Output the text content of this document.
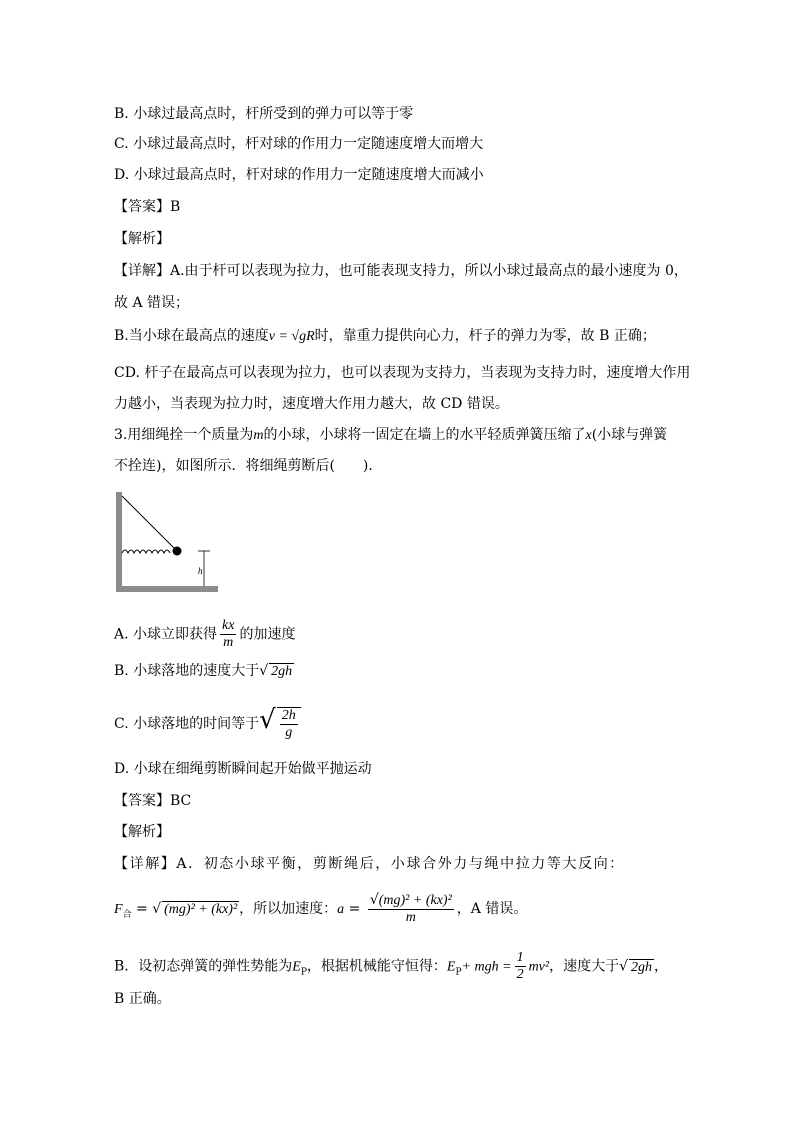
B. 小球过最高点时，杆所受到的弹力可以等于零
C. 小球过最高点时，杆对球的作用力一定随速度增大而增大
D. 小球过最高点时，杆对球的作用力一定随速度增大而减小
【答案】B
【解析】
【详解】A.由于杆可以表现为拉力，也可能表现支持力，所以小球过最高点的最小速度为 0，
故 A 错误；
B.当小球在最高点的速度v = √gR时，靠重力提供向心力，杆子的弹力为零，故 B 正确；
CD. 杆子在最高点可以表现为拉力，也可以表现为支持力，当表现为支持力时，速度增大作用
力越小，当表现为拉力时，速度增大作用力越大，故 CD 错误。
3.用细绳拴一个质量为m的小球，小球将一固定在墙上的水平轻质弹簧压缩了x(小球与弹簧
不拴连)，如图所示．将细绳剪断后(　　)．
h
A. 小球立即获得 $\frac{kx}{m}$ 的加速度
B. 小球落地的速度大于√ 2gh
C. 小球落地的时间等于√ $\frac{2h}{g}$
D. 小球在细绳剪断瞬间起开始做平抛运动
【答案】BC
【解析】
【详解】A．初态小球平衡，剪断绳后，小球合外力与绳中拉力等大反向：
$F_合$ = √ (mg)² + (kx)² ，所以加速度：$a = \frac{\text{√(mg)² + (kx)²}}{m}$ ，A 错误。
B．设初态弹簧的弹性势能为$E_P$，根据机械能守恒得：$E_P+$ mgh = $\frac{1}{2} mv^2$，速度大于√ 2gh ，
B 正确。
